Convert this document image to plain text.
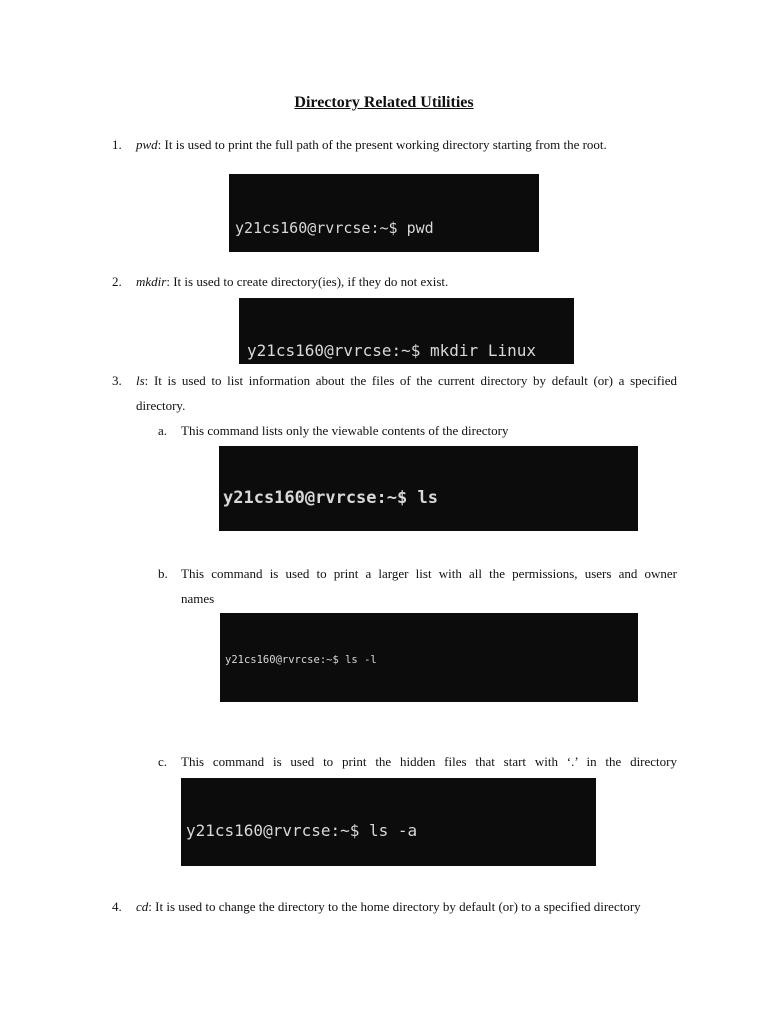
Directory Related Utilities
1. pwd: It is used to print the full path of the present working directory starting from the root.

y21cs160@rvrcse:~$ pwd

2. mkdir: It is used to create directory(ies), if they do not exist.

y21cs160@rvrcse:~$ mkdir Linux

3. ls: It is used to list information about the files of the current directory by default (or) a specified
directory.
a. This command lists only the viewable contents of the directory

y21cs160@rvrcse:~$ ls

b. This command is used to print a larger list with all the permissions, users and owner
names

y21cs160@rvrcse:~$ ls -l

c. This command is used to print the hidden files that start with ‘.’ in the directory

y21cs160@rvrcse:~$ ls -a

4. cd: It is used to change the directory to the home directory by default (or) to a specified directory
